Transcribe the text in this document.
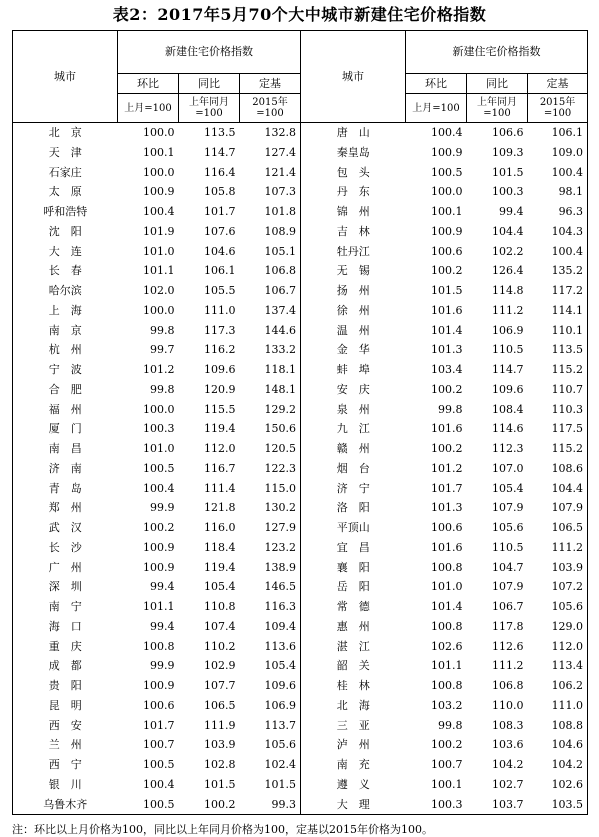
表2：2017年5月70个大中城市新建住宅价格指数
城市	新建住宅价格指数			城市	新建住宅价格指数		
	环比	同比	定基		环比	同比	定基
	上月=100	上年同月=100	2015年=100		上月=100	上年同月=100	2015年=100
北　京	100.0	113.5	132.8	唐　山	100.4	106.6	106.1
天　津	100.1	114.7	127.4	秦皇岛	100.9	109.3	109.0
石家庄	100.0	116.4	121.4	包　头	100.5	101.5	100.4
太　原	100.9	105.8	107.3	丹　东	100.0	100.3	98.1
呼和浩特	100.4	101.7	101.8	锦　州	100.1	99.4	96.3
沈　阳	101.9	107.6	108.9	吉　林	100.9	104.4	104.3
大　连	101.0	104.6	105.1	牡丹江	100.6	102.2	100.4
长　春	101.1	106.1	106.8	无　锡	100.2	126.4	135.2
哈尔滨	102.0	105.5	106.7	扬　州	101.5	114.8	117.2
上　海	100.0	111.0	137.4	徐　州	101.6	111.2	114.1
南　京	99.8	117.3	144.6	温　州	101.4	106.9	110.1
杭　州	99.7	116.2	133.2	金　华	101.3	110.5	113.5
宁　波	101.2	109.6	118.1	蚌　埠	103.4	114.7	115.2
合　肥	99.8	120.9	148.1	安　庆	100.2	109.6	110.7
福　州	100.0	115.5	129.2	泉　州	99.8	108.4	110.3
厦　门	100.3	119.4	150.6	九　江	101.6	114.6	117.5
南　昌	101.0	112.0	120.5	赣　州	100.2	112.3	115.2
济　南	100.5	116.7	122.3	烟　台	101.2	107.0	108.6
青　岛	100.4	111.4	115.0	济　宁	101.7	105.4	104.4
郑　州	99.9	121.8	130.2	洛　阳	101.3	107.9	107.9
武　汉	100.2	116.0	127.9	平顶山	100.6	105.6	106.5
长　沙	100.9	118.4	123.2	宜　昌	101.6	110.5	111.2
广　州	100.9	119.4	138.9	襄　阳	100.8	104.7	103.9
深　圳	99.4	105.4	146.5	岳　阳	101.0	107.9	107.2
南　宁	101.1	110.8	116.3	常　德	101.4	106.7	105.6
海　口	99.4	107.4	109.4	惠　州	100.8	117.8	129.0
重　庆	100.8	110.2	113.6	湛　江	102.6	112.6	112.0
成　都	99.9	102.9	105.4	韶　关	101.1	111.2	113.4
贵　阳	100.9	107.7	109.6	桂　林	100.8	106.8	106.2
昆　明	100.6	106.5	106.9	北　海	103.2	110.0	111.0
西　安	101.7	111.9	113.7	三　亚	99.8	108.3	108.8
兰　州	100.7	103.9	105.6	泸　州	100.2	103.6	104.6
西　宁	100.5	102.8	102.4	南　充	100.7	104.2	104.2
银　川	100.4	101.5	101.5	遵　义	100.1	102.7	102.6
乌鲁木齐	100.5	100.2	99.3	大　理	100.3	103.7	103.5
注：环比以上月价格为100，同比以上年同月价格为100，定基以2015年价格为100。
